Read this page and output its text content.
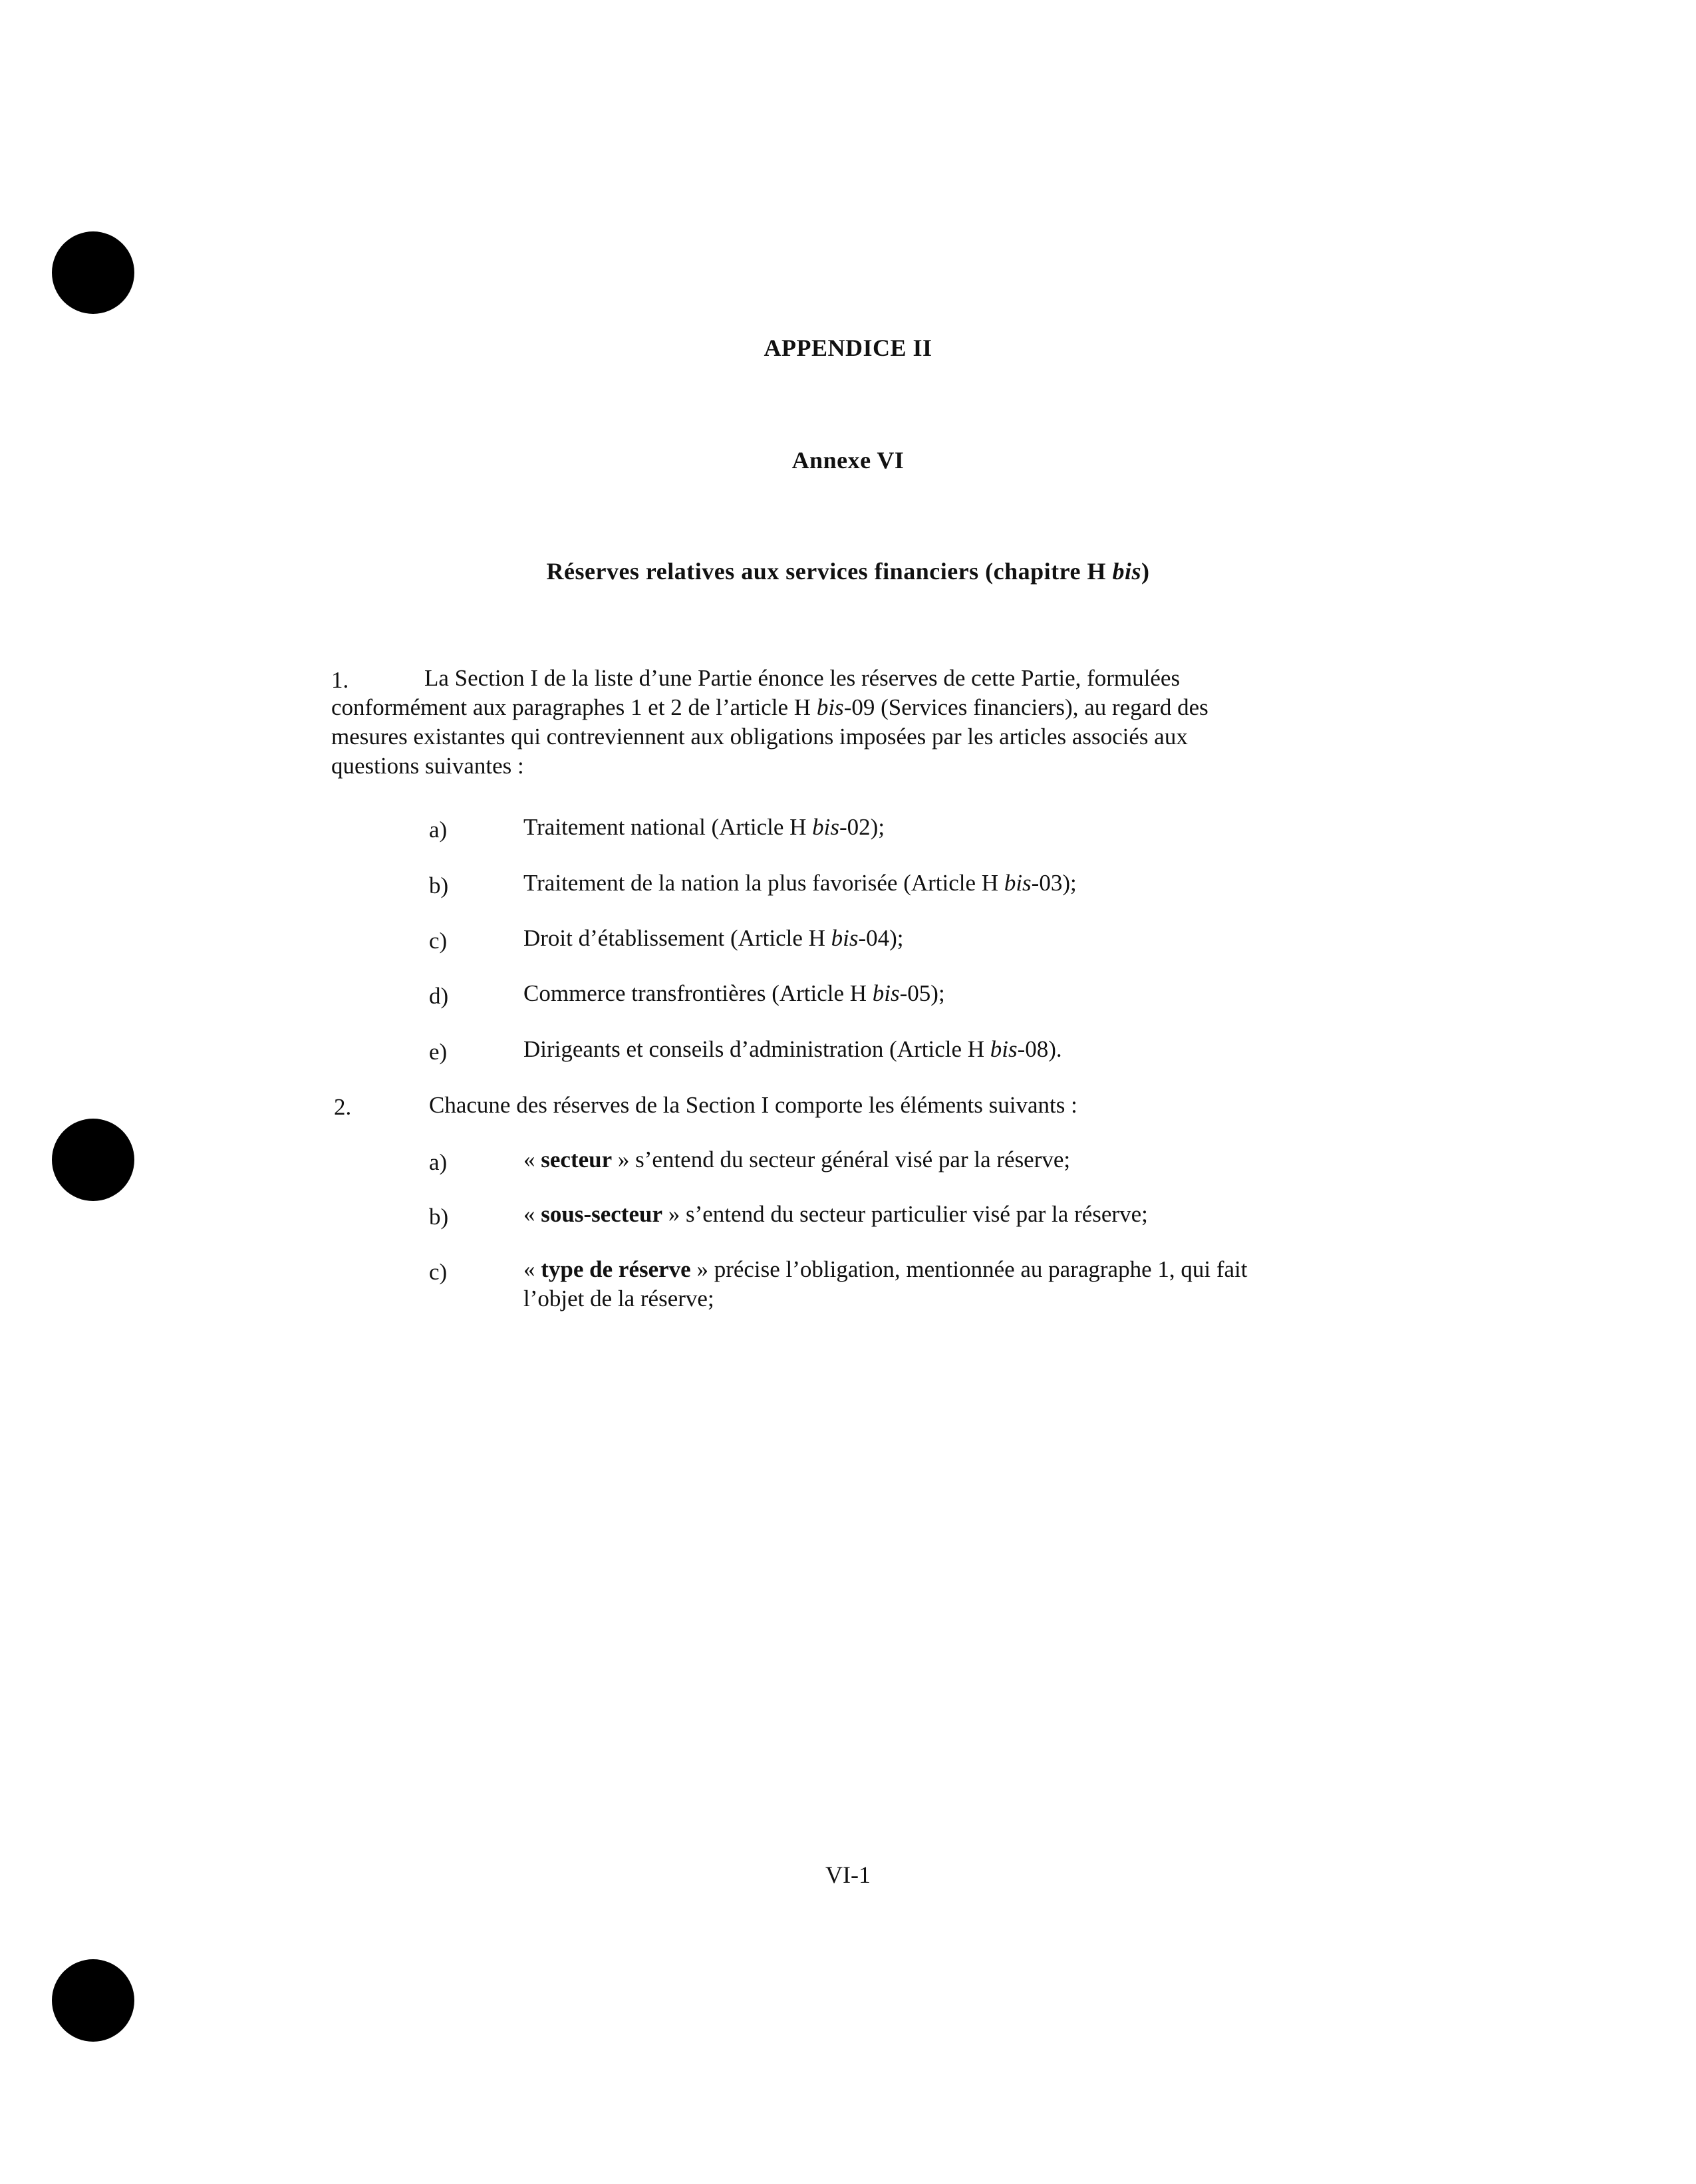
APPENDICE II
Annexe VI
Réserves relatives aux services financiers (chapitre H bis)
1.	La Section I de la liste d’une Partie énonce les réserves de cette Partie, formulées
conformément aux paragraphes 1 et 2 de l’article H bis-09 (Services financiers), au regard des
mesures existantes qui contreviennent aux obligations imposées par les articles associés aux
questions suivantes :
a)	Traitement national (Article H bis-02);
b)	Traitement de la nation la plus favorisée (Article H bis-03);
c)	Droit d’établissement (Article H bis-04);
d)	Commerce transfrontières (Article H bis-05);
e)	Dirigeants et conseils d’administration (Article H bis-08).
2.	Chacune des réserves de la Section I comporte les éléments suivants :
a)	« secteur » s’entend du secteur général visé par la réserve;
b)	« sous-secteur » s’entend du secteur particulier visé par la réserve;
c)	« type de réserve » précise l’obligation, mentionnée au paragraphe 1, qui fait
l’objet de la réserve;
VI-1
